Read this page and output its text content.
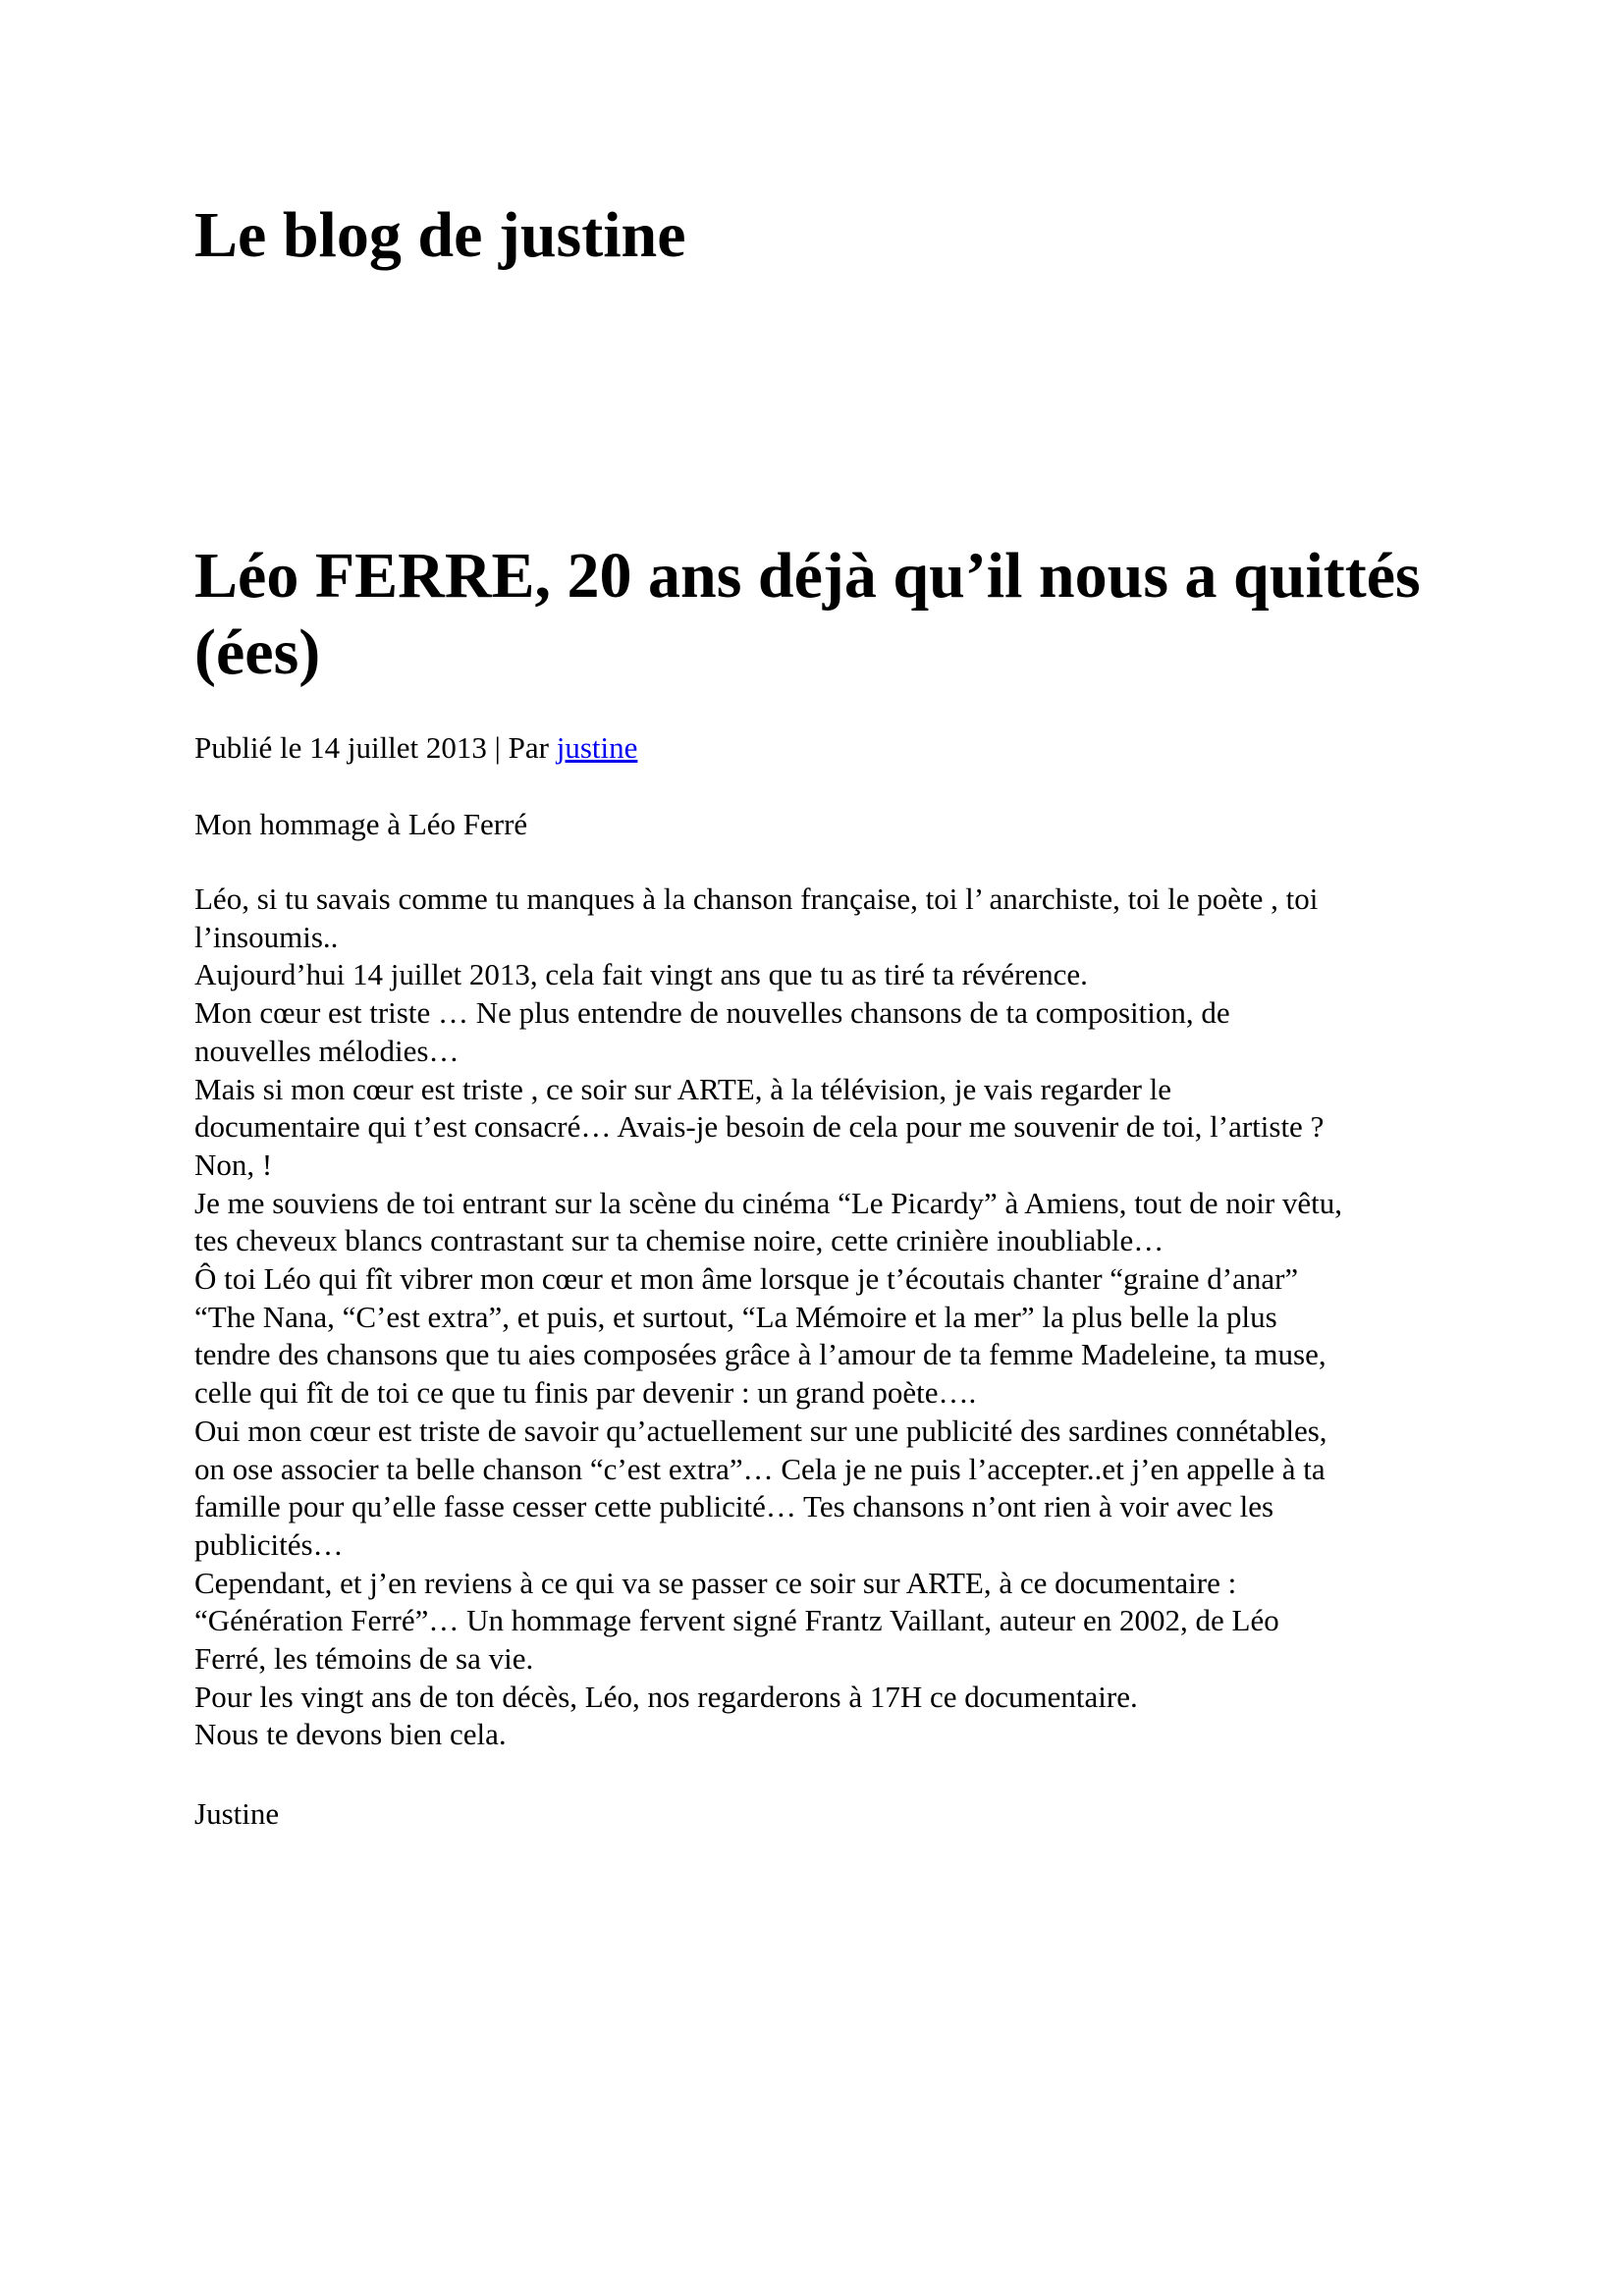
Le blog de justine
Léo FERRE, 20 ans déjà qu’il nous a quittés (ées)
Publié le 14 juillet 2013 | Par justine
Mon hommage à Léo Ferré
Léo, si tu savais comme tu manques à la chanson française, toi l’ anarchiste, toi le poète , toi
l’insoumis..
Aujourd’hui 14 juillet 2013, cela fait vingt ans que tu as tiré ta révérence.
Mon cœur est triste … Ne plus entendre de nouvelles chansons de ta composition, de
nouvelles mélodies…
Mais si mon cœur est triste , ce soir sur ARTE, à la télévision, je vais regarder le
documentaire qui t’est consacré… Avais-je besoin de cela pour me souvenir de toi, l’artiste ?
Non, !
Je me souviens de toi entrant sur la scène du cinéma “Le Picardy” à Amiens, tout de noir vêtu,
tes cheveux blancs contrastant sur ta chemise noire, cette crinière inoubliable…
Ô toi Léo qui fît vibrer mon cœur et mon âme lorsque je t’écoutais chanter “graine d’anar”
“The Nana, “C’est extra”, et puis, et surtout, “La Mémoire et la mer” la plus belle la plus
tendre des chansons que tu aies composées grâce à l’amour de ta femme Madeleine, ta muse,
celle qui fît de toi ce que tu finis par devenir : un grand poète….
Oui mon cœur est triste de savoir qu’actuellement sur une publicité des sardines connétables,
on ose associer ta belle chanson “c’est extra”… Cela je ne puis l’accepter..et j’en appelle à ta
famille pour qu’elle fasse cesser cette publicité… Tes chansons n’ont rien à voir avec les
publicités…
Cependant, et j’en reviens à ce qui va se passer ce soir sur ARTE, à ce documentaire :
“Génération Ferré”… Un hommage fervent signé Frantz Vaillant, auteur en 2002, de Léo
Ferré, les témoins de sa vie.
Pour les vingt ans de ton décès, Léo, nos regarderons à 17H ce documentaire.
Nous te devons bien cela.
Justine
